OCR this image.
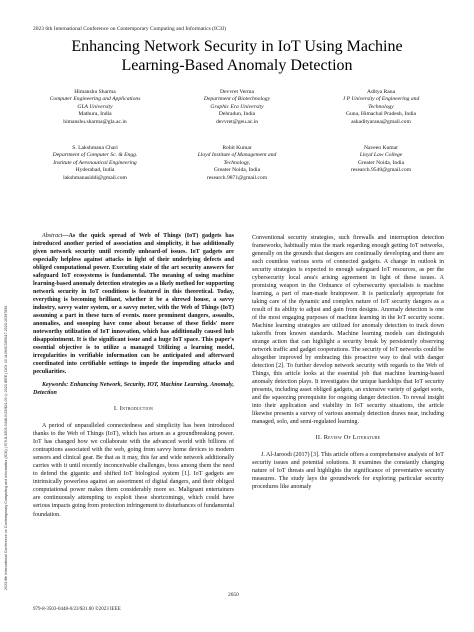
2023 6th International Conference on Contemporary Computing and Informatics (IC3I) | 979-8-3503-0448-0/23/$31.00 ©2023 IEEE | DOI: 10.1109/IC3I59117.2023.10397836
2023 6th International Conference on Contemporary Computing and Informatics (IC3I)
Enhancing Network Security in IoT Using Machine
Learning-Based Anomaly Detection
Himanshu Sharma
Computer Engineering and Applications
GLA University
Mathura, India
himanshu.sharma@gla.ac.in
Devvret Verma
Department of Biotechnology
Graphic Era University
Dehradun, India
devvret@geu.ac.in
Aditya Rana
J P University of Engineering and
Technology
Guna, Himachal Pradesh, India
askadityarana@gmail.com
S. Lakshmana Chari
Department of Computer Sc. & Engg.
Institute of Aeronautical Engineering
Hyderabad, India
lakshmanasiddi@gmail.com
Rohit Kumar
Lloyd Institute of Management and
Technology,
Greater Noida, India
research.9871@gmail.com
Naveen Kumar
Lloyd Law College
Greater Noida, India
research.9540@gmail.com

Abstract—As the quick spread of Web of Things (IoT) gadgets has introduced another period of association and simplicity, it has additionally given network security until recently unheard-of issues. IoT gadgets are especially helpless against attacks in light of their underlying defects and obliged computational power. Executing state of the art security answers for safeguard IoT ecosystems is fundamental. The meaning of using machine learning-based anomaly detection strategies as a likely method for supporting network security in IoT conditions is featured in this theoretical. Today, everything is becoming brilliant, whether it be a shrewd house, a savvy industry, savvy water system, or a savvy meter, with the Web of Things (IoT) assuming a part in these turn of events. more prominent dangers, assaults, anomalies, and snooping have come about because of these fields' more noteworthy utilization of IoT innovation, which has additionally caused hub disappointment. It is the significant issue and a huge IoT space. This paper's essential objective is to utilize a managed Utilizing a learning model, irregularities in verifiable information can be anticipated and afterward coordinated into certifiable settings to impede the impending attacks and peculiarities.

Keywords: Enhancing Network, Security, IOT, Machine Learning, Anomaly, Detection

I. Introduction

A period of unparalleled connectedness and simplicity has been introduced thanks to the Web of Things (IoT), which has arisen as a groundbreaking power. IoT has changed how we collaborate with the advanced world with billions of contraptions associated with the web, going from savvy home devices to modern sensors and clinical gear. Be that as it may, this far and wide network additionally carries with it until recently inconceivable challenges, boss among them the need to defend the gigantic and shifted IoT biological system [1]. IoT gadgets are intrinsically powerless against an assortment of digital dangers, and their obliged computational power makes them considerably more so. Malignant entertainers are continuously attempting to exploit these shortcomings, which could have serious impacts going from protection infringement to disturbances of fundamental foundation.

Conventional security strategies, such firewalls and interruption detection frameworks, habitually miss the mark regarding enough getting IoT networks, generally on the grounds that dangers are continually developing and there are such countless various sorts of connected gadgets. A change in outlook in security strategies is expected to enough safeguard IoT resources, as per the cybersecurity local area's arising agreement in light of these issues. A promising weapon in the Ordnance of cybersecurity specialists is machine learning, a part of man-made brainpower. It is particularly appropriate for taking care of the dynamic and complex nature of IoT security dangers as a result of its ability to adjust and gain from designs. Anomaly detection is one of the most engaging purposes of machine learning in the IoT security scene. Machine learning strategies are utilized for anomaly detection to track down takeoffs from known standards. Machine learning models can distinguish strange action that can highlight a security break by persistently observing network traffic and gadget cooperations. The security of IoT networks could be altogether improved by embracing this proactive way to deal with danger detection [2]. To further develop network security with regards to the Web of Things, this article looks at the essential job that machine learning-based anomaly detection plays. It investigates the unique hardships that IoT security presents, including asset obliged gadgets, an extensive variety of gadget sorts, and the squeezing prerequisite for ongoing danger detection. To reveal insight into their application and viability in IoT security situations, the article likewise presents a survey of various anomaly detection draws near, including managed, solo, and semi-regulated learning.

II. Review Of Literature

J. Al-Jaroodi (2017) [3]. This article offers a comprehensive analysis of IoT security issues and potential solutions. It examines the constantly changing nature of IoT threats and highlights the significance of preventative security measures. The study lays the groundwork for exploring particular security procedures like anomaly

2650
979-8-3503-0448-0/23/$31.00 ©2023 IEEE
